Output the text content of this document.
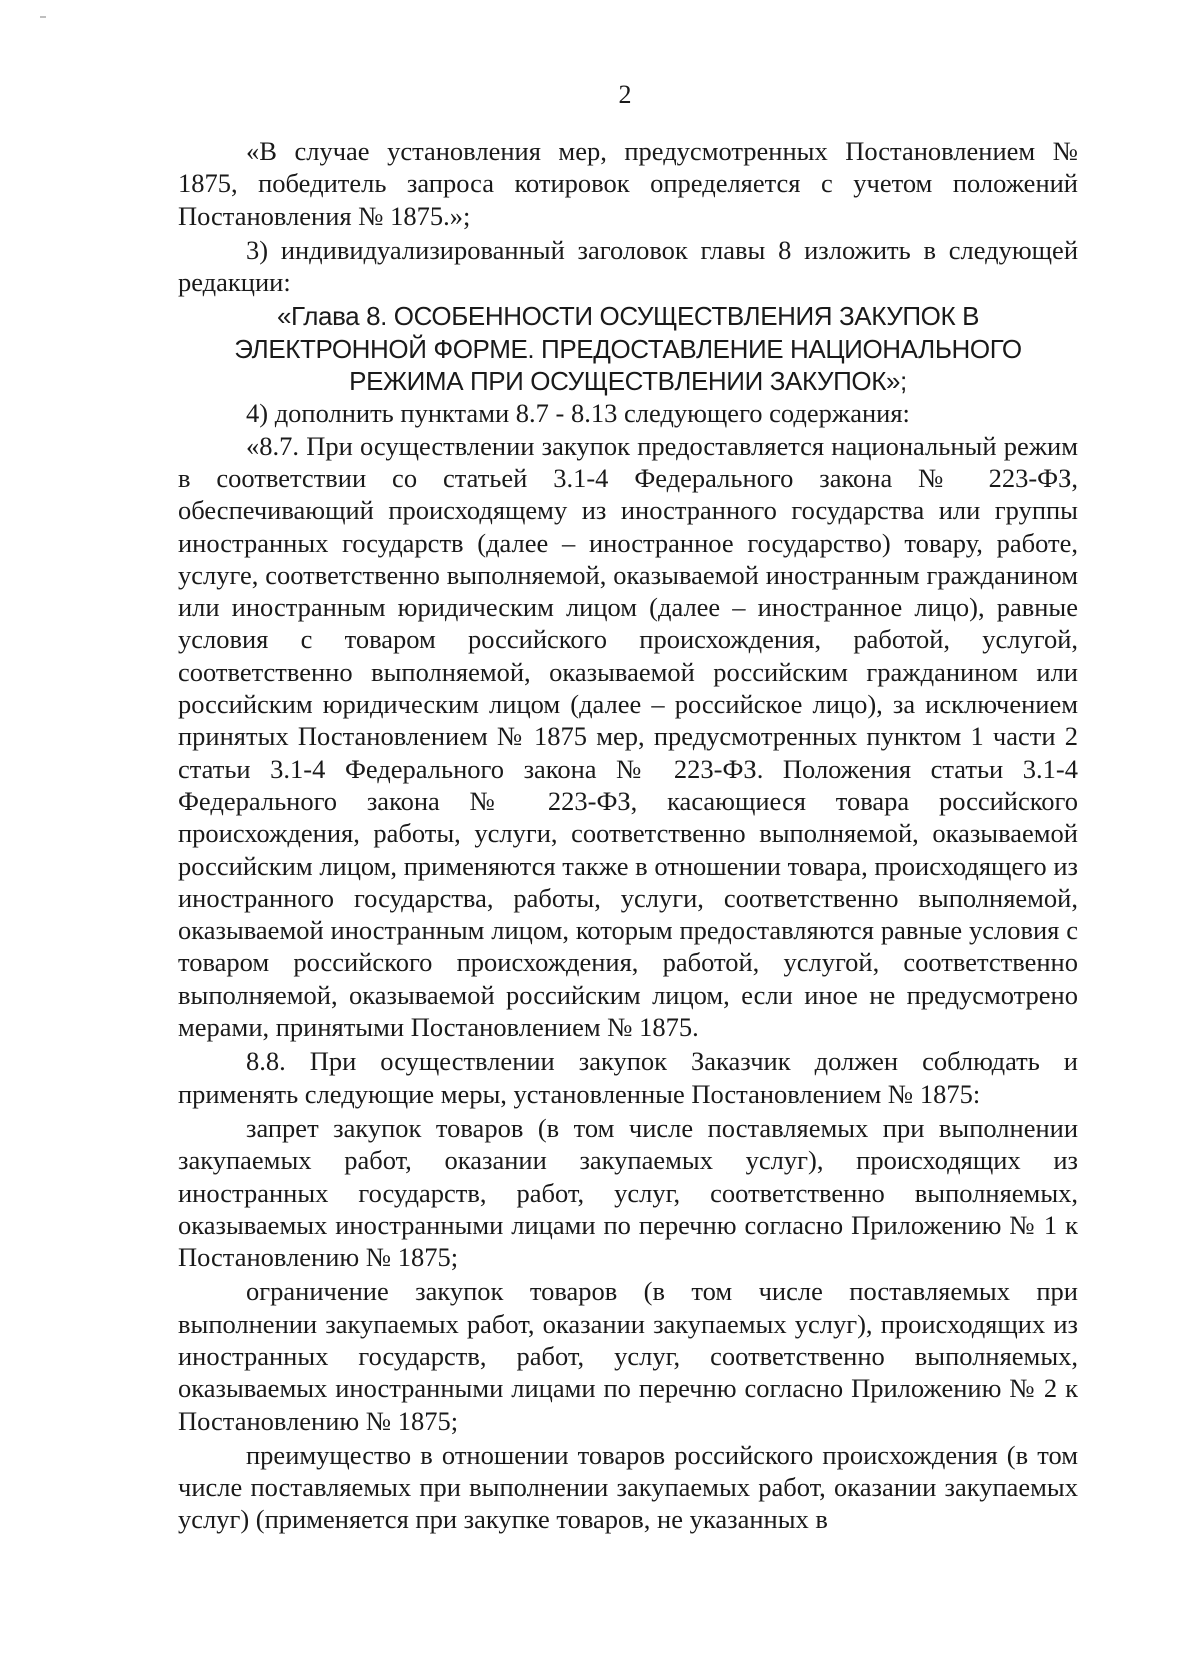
2

«В случае установления мер, предусмотренных Постановлением № 1875, победитель запроса котировок определяется с учетом положений Постановления № 1875.»;

3) индивидуализированный заголовок главы 8 изложить в следующей редакции:

«Глава 8. ОСОБЕННОСТИ ОСУЩЕСТВЛЕНИЯ ЗАКУПОК В
ЭЛЕКТРОННОЙ ФОРМЕ. ПРЕДОСТАВЛЕНИЕ НАЦИОНАЛЬНОГО
РЕЖИМА ПРИ ОСУЩЕСТВЛЕНИИ ЗАКУПОК»;

4) дополнить пунктами 8.7 - 8.13 следующего содержания:

«8.7. При осуществлении закупок предоставляется национальный режим в соответствии со статьей 3.1-4 Федерального закона № 223-ФЗ, обеспечивающий происходящему из иностранного государства или группы иностранных государств (далее – иностранное государство) товару, работе, услуге, соответственно выполняемой, оказываемой иностранным гражданином или иностранным юридическим лицом (далее – иностранное лицо), равные условия с товаром российского происхождения, работой, услугой, соответственно выполняемой, оказываемой российским гражданином или российским юридическим лицом (далее – российское лицо), за исключением принятых Постановлением № 1875 мер, предусмотренных пунктом 1 части 2 статьи 3.1-4 Федерального закона № 223-ФЗ. Положения статьи 3.1-4 Федерального закона № 223-ФЗ, касающиеся товара российского происхождения, работы, услуги, соответственно выполняемой, оказываемой российским лицом, применяются также в отношении товара, происходящего из иностранного государства, работы, услуги, соответственно выполняемой, оказываемой иностранным лицом, которым предоставляются равные условия с товаром российского происхождения, работой, услугой, соответственно выполняемой, оказываемой российским лицом, если иное не предусмотрено мерами, принятыми Постановлением № 1875.

8.8. При осуществлении закупок Заказчик должен соблюдать и применять следующие меры, установленные Постановлением № 1875:

запрет закупок товаров (в том числе поставляемых при выполнении закупаемых работ, оказании закупаемых услуг), происходящих из иностранных государств, работ, услуг, соответственно выполняемых, оказываемых иностранными лицами по перечню согласно Приложению № 1 к Постановлению № 1875;

ограничение закупок товаров (в том числе поставляемых при выполнении закупаемых работ, оказании закупаемых услуг), происходящих из иностранных государств, работ, услуг, соответственно выполняемых, оказываемых иностранными лицами по перечню согласно Приложению № 2 к Постановлению № 1875;

преимущество в отношении товаров российского происхождения (в том числе поставляемых при выполнении закупаемых работ, оказании закупаемых услуг) (применяется при закупке товаров, не указанных в
